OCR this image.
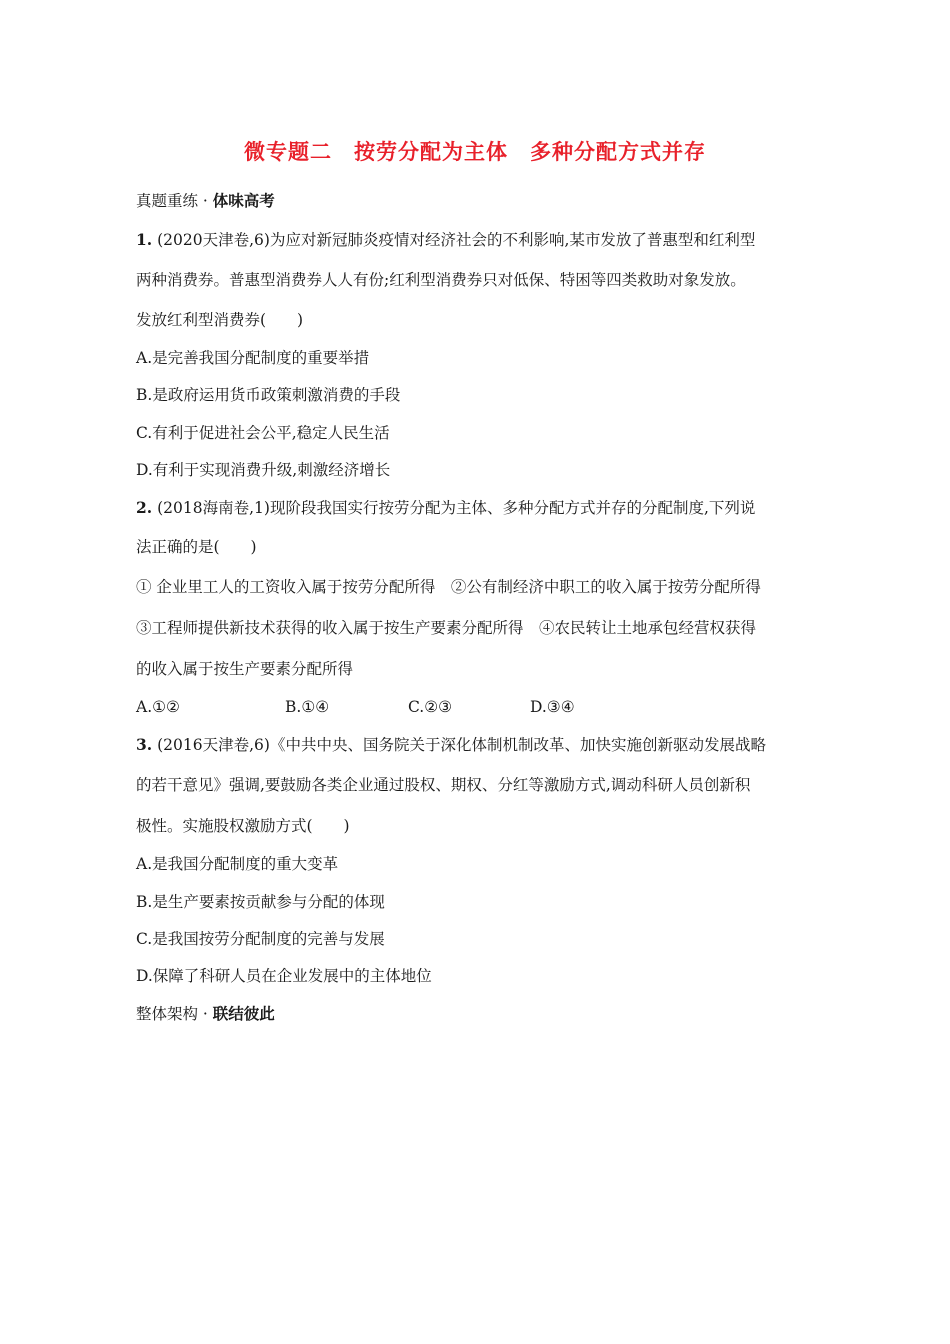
微专题二　按劳分配为主体　多种分配方式并存
真题重练 · 体味高考
1. (2020天津卷,6)为应对新冠肺炎疫情对经济社会的不利影响,某市发放了普惠型和红利型
两种消费券。普惠型消费券人人有份;红利型消费券只对低保、特困等四类救助对象发放。
发放红利型消费券(　　)
A.是完善我国分配制度的重要举措
B.是政府运用货币政策刺激消费的手段
C.有利于促进社会公平,稳定人民生活
D.有利于实现消费升级,刺激经济增长
2. (2018海南卷,1)现阶段我国实行按劳分配为主体、多种分配方式并存的分配制度,下列说
法正确的是(　　)
① 企业里工人的工资收入属于按劳分配所得　②公有制经济中职工的收入属于按劳分配所得
③工程师提供新技术获得的收入属于按生产要素分配所得　④农民转让土地承包经营权获得
的收入属于按生产要素分配所得
A.①②	B.①④	C.②③	D.③④
3. (2016天津卷,6)《中共中央、国务院关于深化体制机制改革、加快实施创新驱动发展战略
的若干意见》强调,要鼓励各类企业通过股权、期权、分红等激励方式,调动科研人员创新积
极性。实施股权激励方式(　　)
A.是我国分配制度的重大变革
B.是生产要素按贡献参与分配的体现
C.是我国按劳分配制度的完善与发展
D.保障了科研人员在企业发展中的主体地位
整体架构 · 联结彼此
